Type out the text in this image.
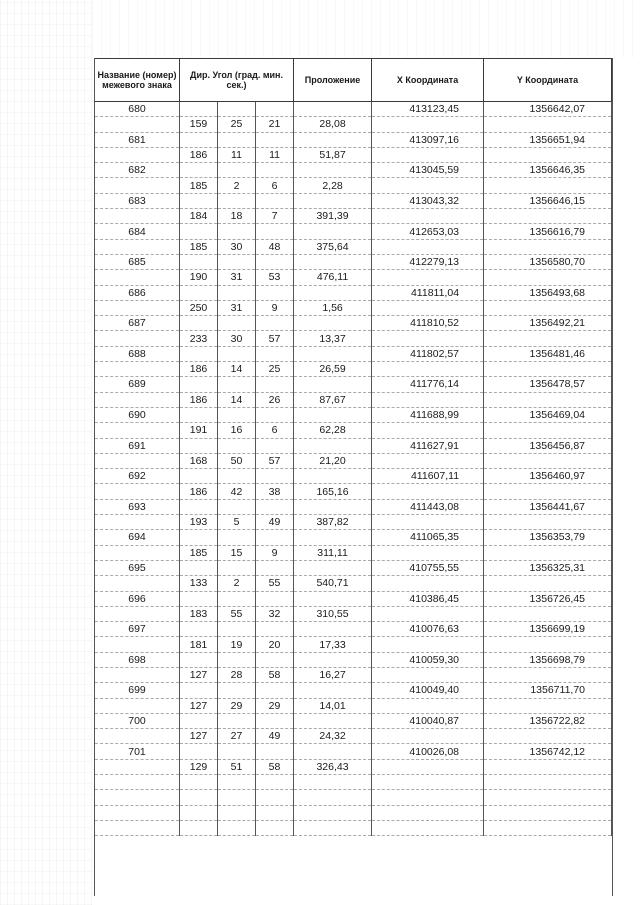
Название (номер) межевого знака	Дир. Угол (град. мин. сек.)			Проложение	X Координата	Y Координата
680					413123,45	1356642,07
	159	25	21	28,08		
681					413097,16	1356651,94
	186	11	11	51,87		
682					413045,59	1356646,35
	185	2	6	2,28		
683					413043,32	1356646,15
	184	18	7	391,39		
684					412653,03	1356616,79
	185	30	48	375,64		
685					412279,13	1356580,70
	190	31	53	476,11		
686					411811,04	1356493,68
	250	31	9	1,56		
687					411810,52	1356492,21
	233	30	57	13,37		
688					411802,57	1356481,46
	186	14	25	26,59		
689					411776,14	1356478,57
	186	14	26	87,67		
690					411688,99	1356469,04
	191	16	6	62,28		
691					411627,91	1356456,87
	168	50	57	21,20		
692					411607,11	1356460,97
	186	42	38	165,16		
693					411443,08	1356441,67
	193	5	49	387,82		
694					411065,35	1356353,79
	185	15	9	311,11		
695					410755,55	1356325,31
	133	2	55	540,71		
696					410386,45	1356726,45
	183	55	32	310,55		
697					410076,63	1356699,19
	181	19	20	17,33		
698					410059,30	1356698,79
	127	28	58	16,27		
699					410049,40	1356711,70
	127	29	29	14,01		
700					410040,87	1356722,82
	127	27	49	24,32		
701					410026,08	1356742,12
	129	51	58	326,43		
